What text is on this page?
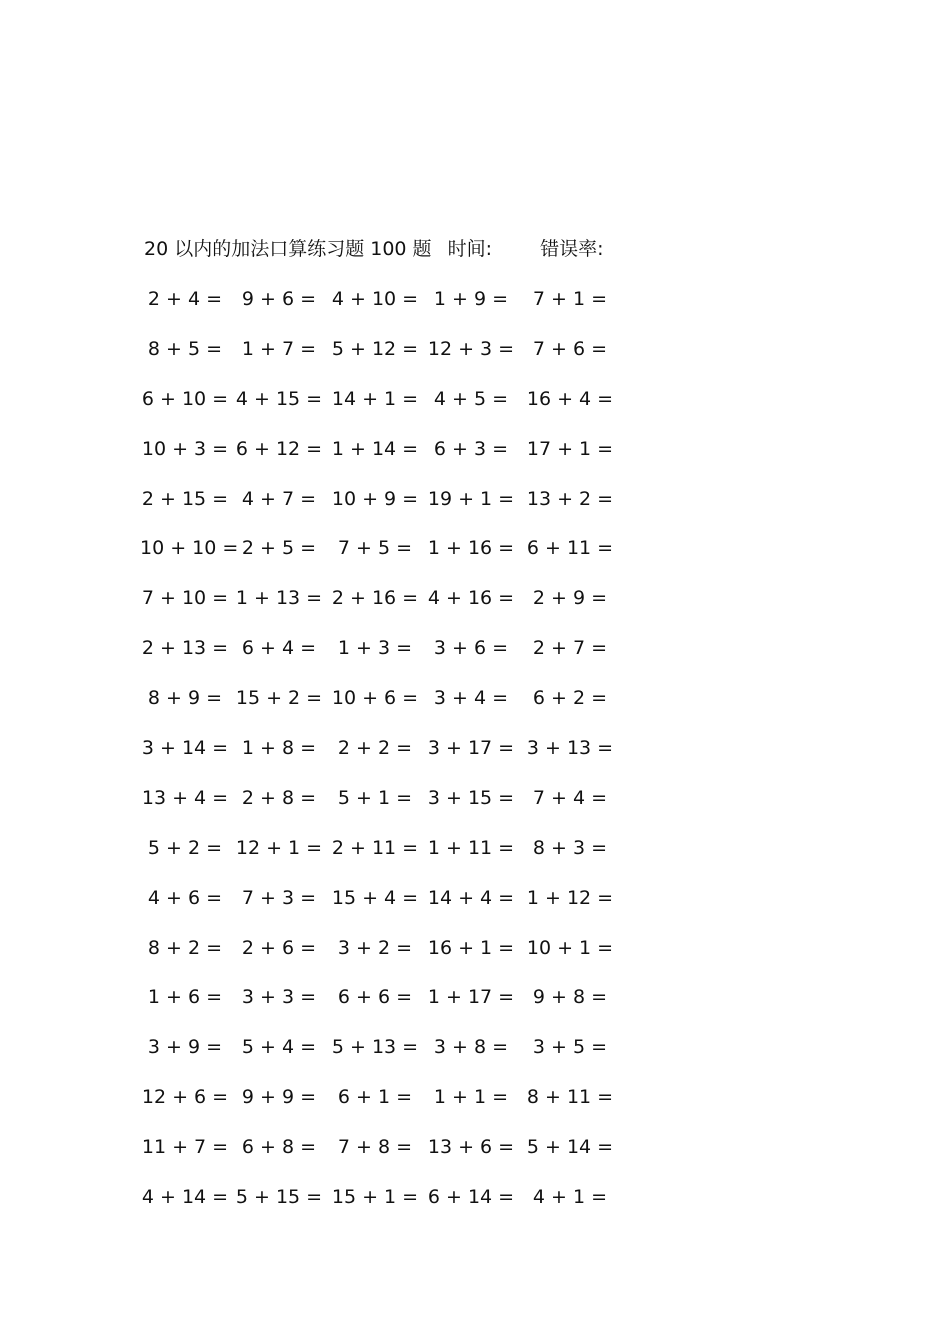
20 以内的加法口算练习题 100 题 时间:	错误率:
2 + 4 =	9 + 6 = 4 + 10 = 1 + 9 =	7 + 1 =
8 + 5 =	1 + 7 = 5 + 12 = 12 + 3 = 7 + 6 =
6 + 10 = 4 + 15 = 14 + 1 = 4 + 5 = 16 + 4 =
10 + 3 = 6 + 12 = 1 + 14 = 6 + 3 = 17 + 1 =
2 + 15 = 4 + 7 = 10 + 9 = 19 + 1 = 13 + 2 =
10 + 10 = 2 + 5 =	7 + 5 = 1 + 16 = 6 + 11 =
7 + 10 = 1 + 13 = 2 + 16 = 4 + 16 = 2 + 9 =
2 + 13 = 6 + 4 =	1 + 3 =	3 + 6 =	2 + 7 =
8 + 9 = 15 + 2 = 10 + 6 = 3 + 4 =	6 + 2 =
3 + 14 = 1 + 8 =	2 + 2 = 3 + 17 = 3 + 13 =
13 + 4 = 2 + 8 =	5 + 1 = 3 + 15 = 7 + 4 =
5 + 2 = 12 + 1 = 2 + 11 = 1 + 11 = 8 + 3 =
4 + 6 =	7 + 3 = 15 + 4 = 14 + 4 = 1 + 12 =
8 + 2 =	2 + 6 =	3 + 2 = 16 + 1 = 10 + 1 =
1 + 6 =	3 + 3 =	6 + 6 = 1 + 17 = 9 + 8 =
3 + 9 =	5 + 4 = 5 + 13 = 3 + 8 =	3 + 5 =
12 + 6 = 9 + 9 =	6 + 1 =	1 + 1 = 8 + 11 =
11 + 7 = 6 + 8 =	7 + 8 = 13 + 6 = 5 + 14 =
4 + 14 = 5 + 15 = 15 + 1 = 6 + 14 = 4 + 1 =
